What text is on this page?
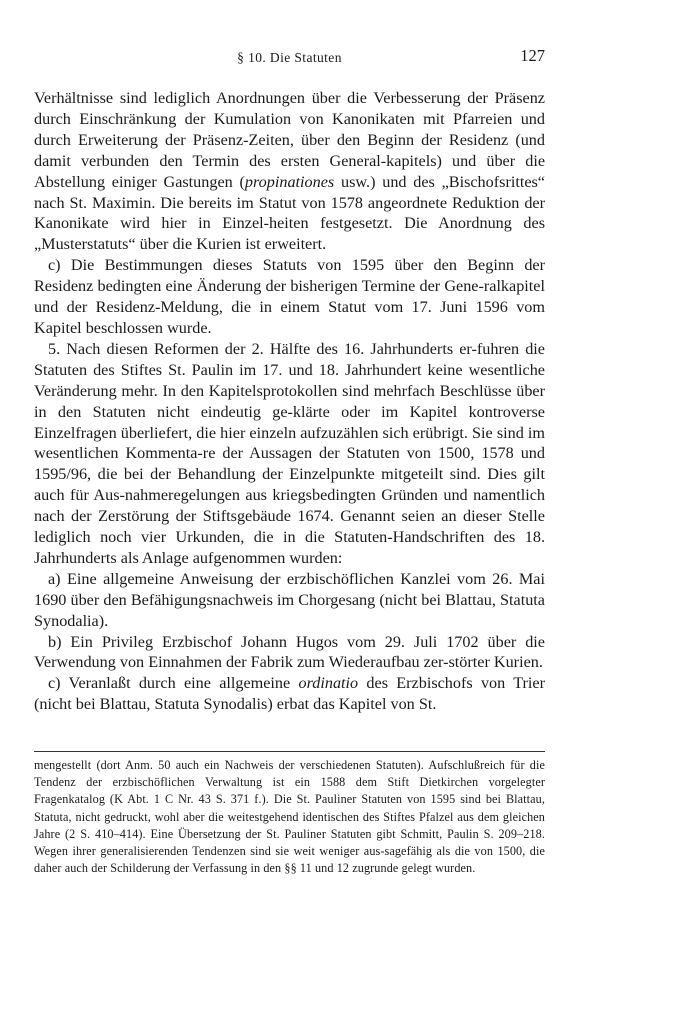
§ 10. Die Statuten	127

Verhältnisse sind lediglich Anordnungen über die Verbesserung der Präsenz durch Einschränkung der Kumulation von Kanonikaten mit Pfarreien und durch Erweiterung der Präsenz-Zeiten, über den Beginn der Residenz (und damit verbunden den Termin des ersten General-kapitels) und über die Abstellung einiger Gastungen (propinationes usw.) und des „Bischofsrittes“ nach St. Maximin. Die bereits im Statut von 1578 angeordnete Reduktion der Kanonikate wird hier in Einzel-heiten festgesetzt. Die Anordnung des „Musterstatuts“ über die Kurien ist erweitert.

c) Die Bestimmungen dieses Statuts von 1595 über den Beginn der Residenz bedingten eine Änderung der bisherigen Termine der Gene-ralkapitel und der Residenz-Meldung, die in einem Statut vom 17. Juni 1596 vom Kapitel beschlossen wurde.

5. Nach diesen Reformen der 2. Hälfte des 16. Jahrhunderts er-fuhren die Statuten des Stiftes St. Paulin im 17. und 18. Jahrhundert keine wesentliche Veränderung mehr. In den Kapitelsprotokollen sind mehrfach Beschlüsse über in den Statuten nicht eindeutig ge-klärte oder im Kapitel kontroverse Einzelfragen überliefert, die hier einzeln aufzuzählen sich erübrigt. Sie sind im wesentlichen Kommenta-re der Aussagen der Statuten von 1500, 1578 und 1595/96, die bei der Behandlung der Einzelpunkte mitgeteilt sind. Dies gilt auch für Aus-nahmeregelungen aus kriegsbedingten Gründen und namentlich nach der Zerstörung der Stiftsgebäude 1674. Genannt seien an dieser Stelle lediglich noch vier Urkunden, die in die Statuten-Handschriften des 18. Jahrhunderts als Anlage aufgenommen wurden:

a) Eine allgemeine Anweisung der erzbischöflichen Kanzlei vom 26. Mai 1690 über den Befähigungsnachweis im Chorgesang (nicht bei Blattau, Statuta Synodalia).

b) Ein Privileg Erzbischof Johann Hugos vom 29. Juli 1702 über die Verwendung von Einnahmen der Fabrik zum Wiederaufbau zer-störter Kurien.

c) Veranlaßt durch eine allgemeine ordinatio des Erzbischofs von Trier (nicht bei Blattau, Statuta Synodalis) erbat das Kapitel von St.

mengestellt (dort Anm. 50 auch ein Nachweis der verschiedenen Statuten). Aufschlußreich für die Tendenz der erzbischöflichen Verwaltung ist ein 1588 dem Stift Dietkirchen vorgelegter Fragenkatalog (K Abt. 1 C Nr. 43 S. 371 f.). Die St. Pauliner Statuten von 1595 sind bei Blattau, Statuta, nicht gedruckt, wohl aber die weitestgehend identischen des Stiftes Pfalzel aus dem gleichen Jahre (2 S. 410–414). Eine Übersetzung der St. Pauliner Statuten gibt Schmitt, Paulin S. 209–218. Wegen ihrer generalisierenden Tendenzen sind sie weit weniger aus-sagefähig als die von 1500, die daher auch der Schilderung der Verfassung in den §§ 11 und 12 zugrunde gelegt wurden.
